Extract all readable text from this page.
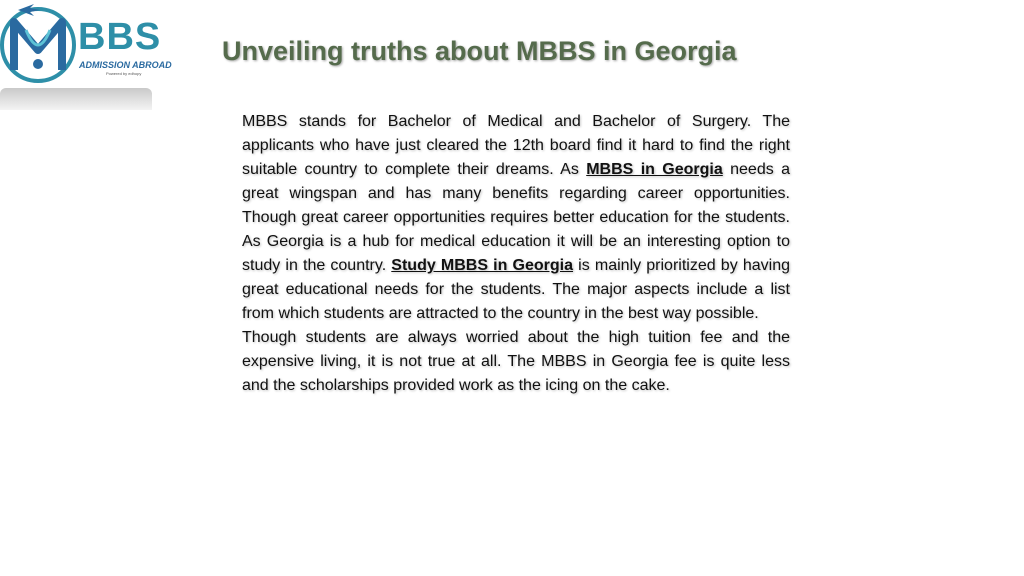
BBS
ADMISSION ABROAD
Powered by edhopy
Unveiling truths about MBBS in Georgia

MBBS stands for Bachelor of Medical and Bachelor of Surgery. The applicants who have just cleared the 12th board find it hard to find the right suitable country to complete their dreams. As MBBS in Georgia needs a great wingspan and has many benefits regarding career opportunities. Though great career opportunities requires better education for the students. As Georgia is a hub for medical education it will be an interesting option to study in the country. Study MBBS in Georgia is mainly prioritized by having great educational needs for the students. The major aspects include a list from which students are attracted to the country in the best way possible.

Though students are always worried about the high tuition fee and the expensive living, it is not true at all. The MBBS in Georgia fee is quite less and the scholarships provided work as the icing on the cake.
